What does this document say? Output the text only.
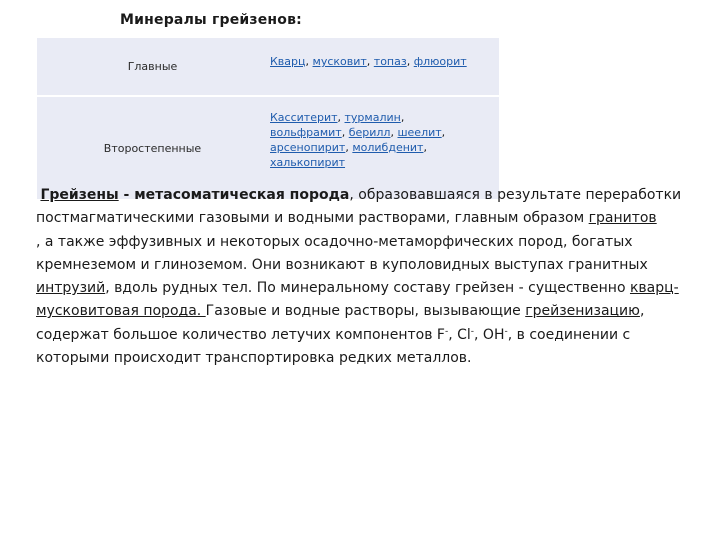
Минералы грейзенов:
Главные	Кварц, мусковит, топаз, флюорит
Второстепенные	Касситерит, турмалин,
вольфрамит, берилл, шеелит,
арсенопирит, молибденит,
халькопирит

Грейзены - метасоматическая порода, образовавшаяся в результате переработки постмагматическими газовыми и водными растворами, главным образом гранитов
, а также эффузивных и некоторых осадочно-метаморфических пород, богатых кремнеземом и глиноземом. Они возникают в куполовидных выступах гранитных интрузий, вдоль рудных тел. По минеральному составу грейзен - существенно кварц-мусковитовая порода. Газовые и водные растворы, вызывающие грейзенизацию, содержат большое количество летучих компонентов F-, Cl-, OH-, в соединении с которыми происходит транспортировка редких металлов.
